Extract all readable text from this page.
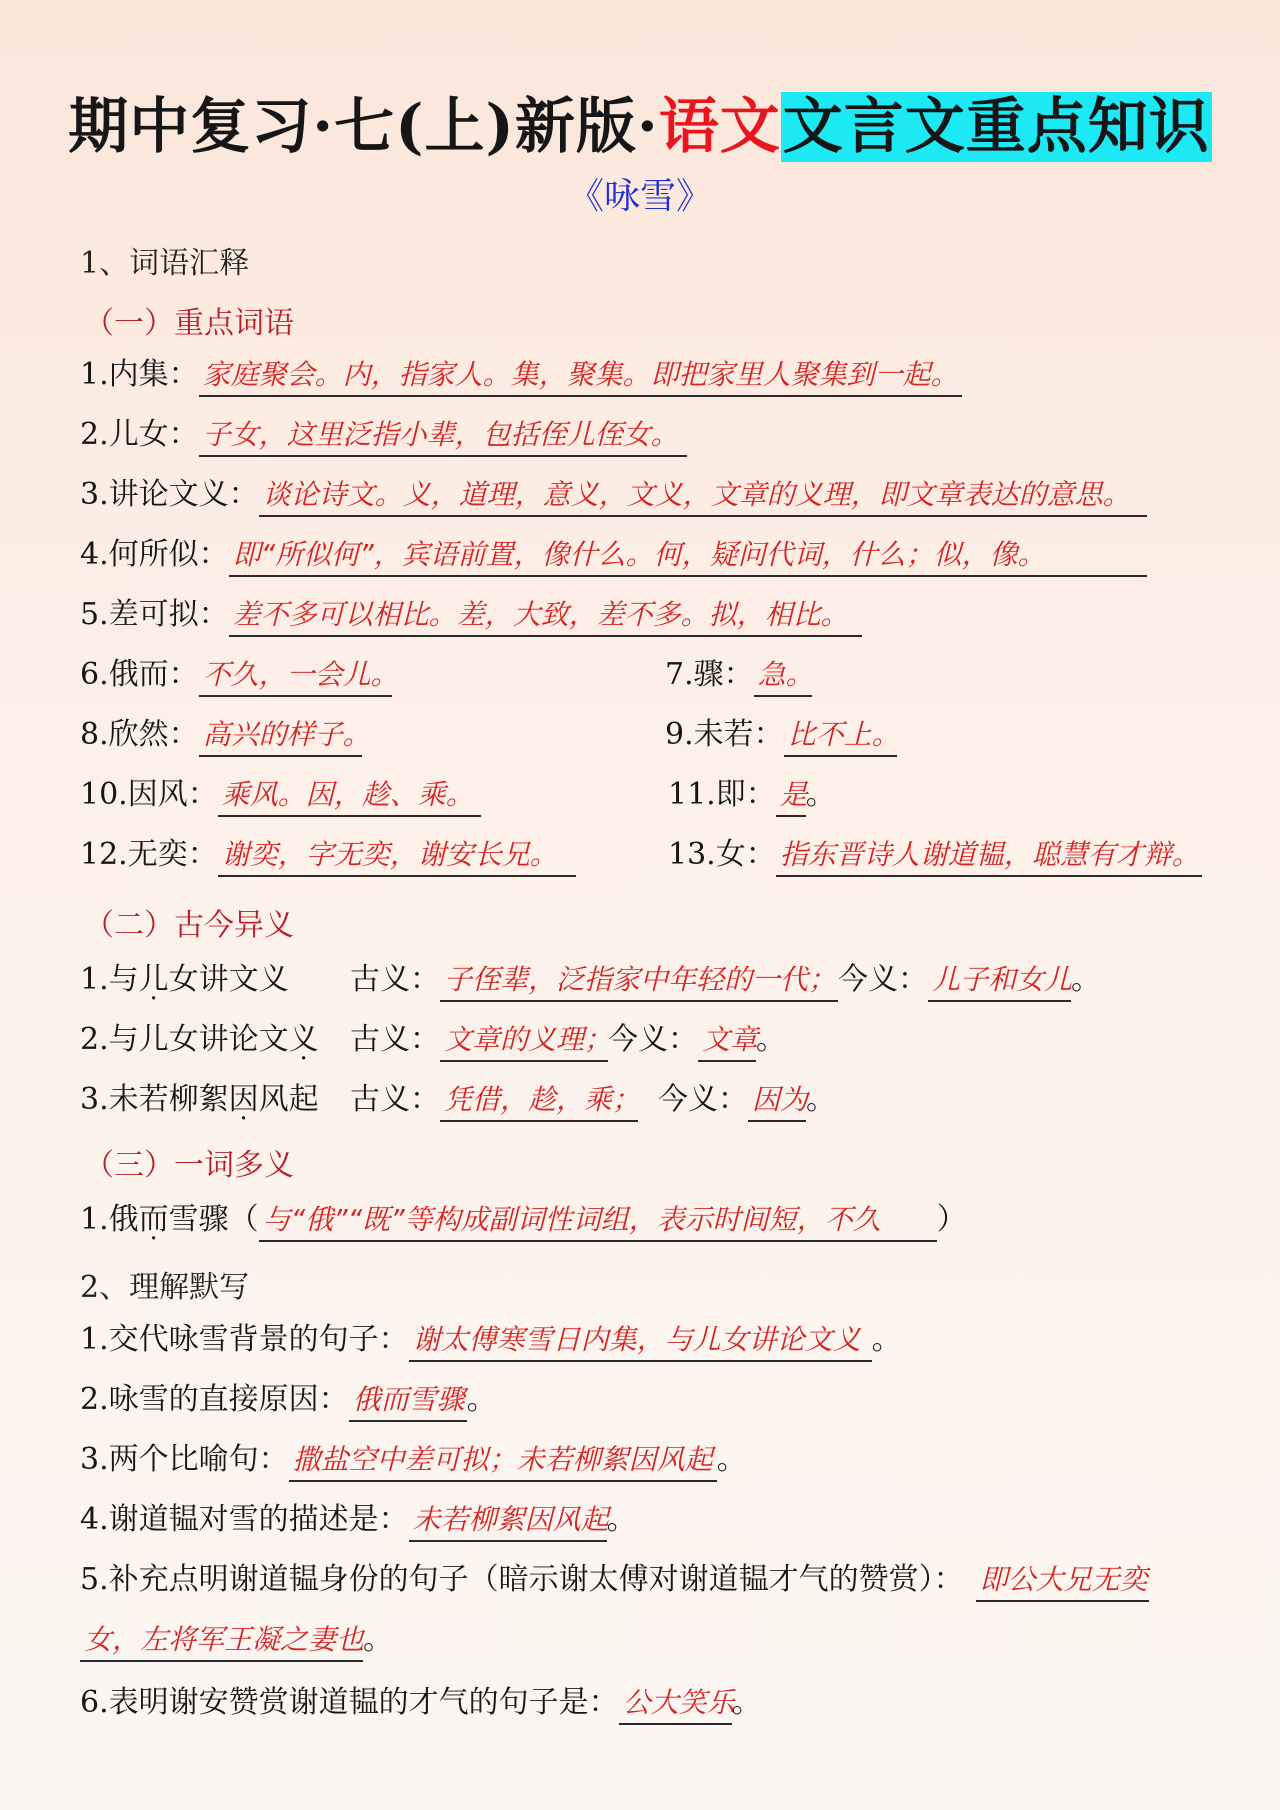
期中复习·七(上)新版·语文文言文重点知识
《咏雪》
1、词语汇释
（一）重点词语
1.内集： 家庭聚会。内，指家人。集，聚集。即把家里人聚集到一起。
2.儿女： 子女，这里泛指小辈，包括侄儿侄女。
3.讲论文义： 谈论诗文。义，道理，意义，文义，文章的义理，即文章表达的意思。
4.何所似： 即“所似何”，宾语前置，像什么。何，疑问代词，什么；似，像。
5.差可拟： 差不多可以相比。差，大致，差不多。拟，相比。
6.俄而： 不久，一会儿。	7.骤： 急。
8.欣然： 高兴的样子。	9.未若： 比不上。
10.因风： 乘风。因，趁、乘。	11.即： 是。
12.无奕： 谢奕，字无奕，谢安长兄。	13.女： 指东晋诗人谢道韫，聪慧有才辩。
（二）古今异义
1.与儿女讲文义 古义： 子侄辈，泛指家中年轻的一代；今义： 儿子和女儿。
2.与儿女讲论文义 古义： 文章的义理；今义： 文章。
3.未若柳絮因风起 古义： 凭借，趁，乘； 今义： 因为。
（三）一词多义
1.俄而雪骤（ 与“俄”“既”等构成副词性词组，表示时间短，不久 ）
2、理解默写
1.交代咏雪背景的句子： 谢太傅寒雪日内集，与儿女讲论文义 。
2.咏雪的直接原因： 俄而雪骤。
3.两个比喻句： 撒盐空中差可拟；未若柳絮因风起 。
4.谢道韫对雪的描述是： 未若柳絮因风起。
5.补充点明谢道韫身份的句子（暗示谢太傅对谢道韫才气的赞赏）： 即公大兄无奕
女，左将军王凝之妻也。
6.表明谢安赞赏谢道韫的才气的句子是： 公大笑乐。
